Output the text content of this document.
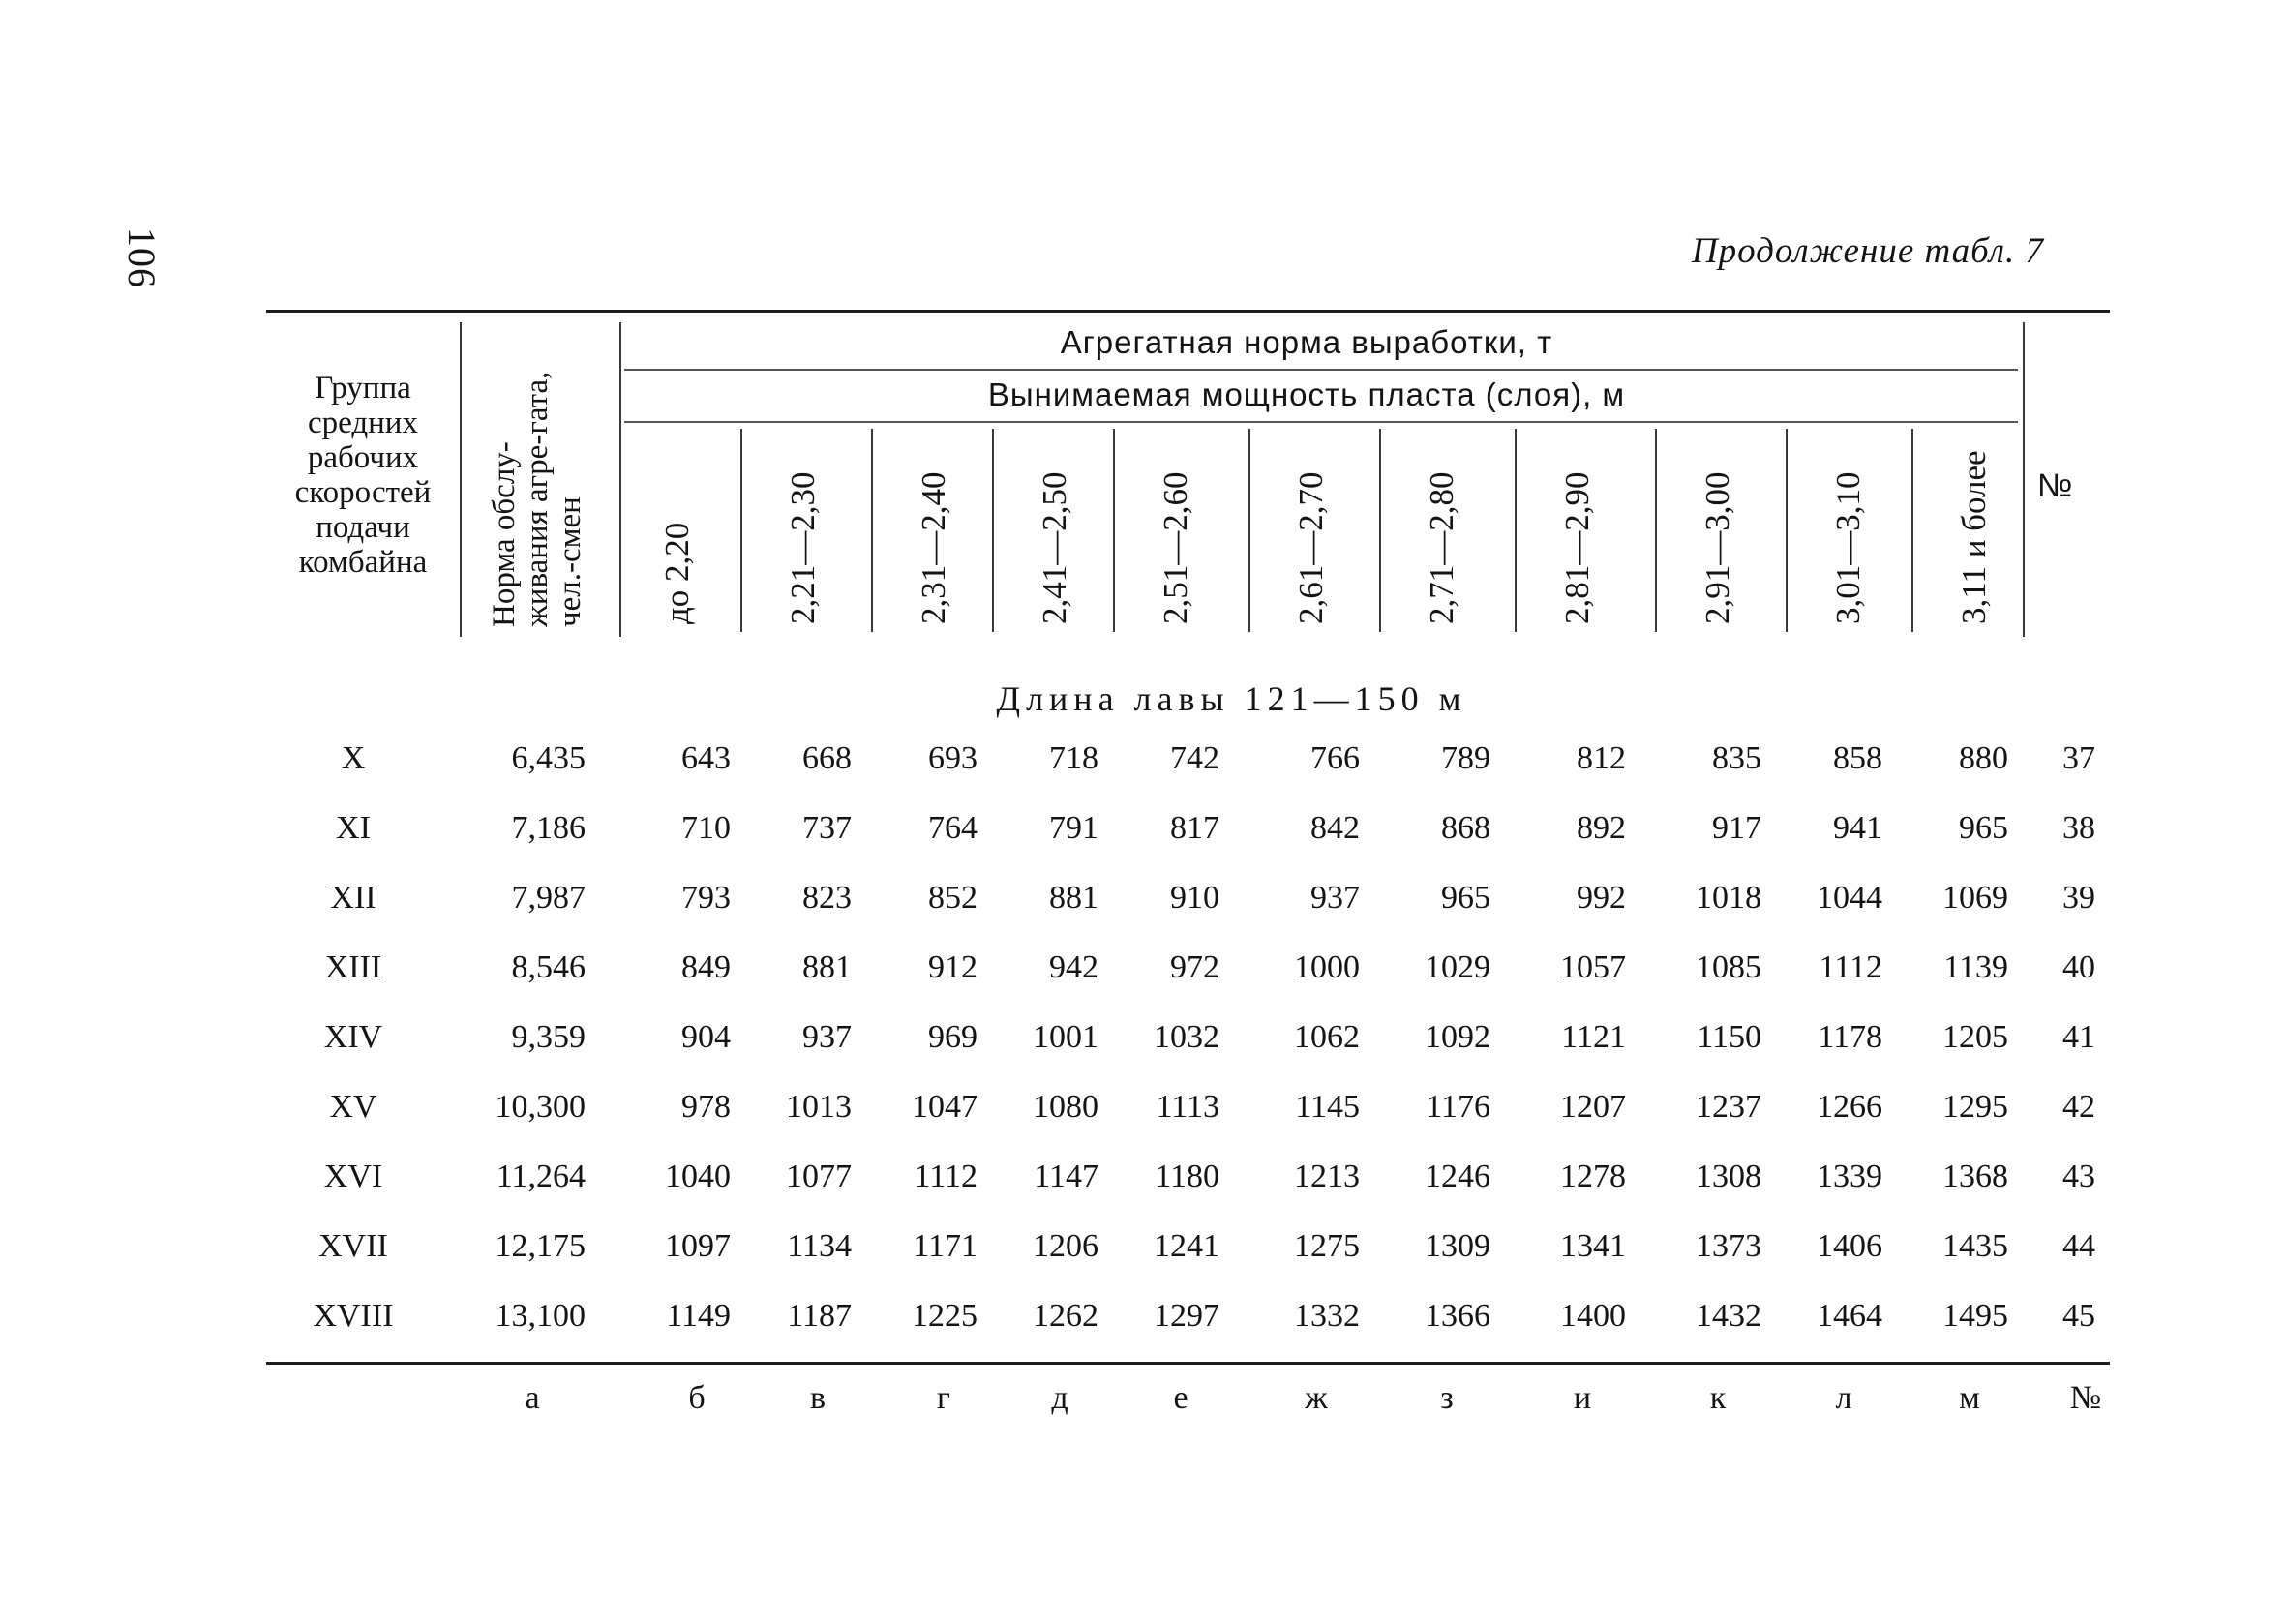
106	Продолжение табл. 7
Группа средних рабочих скоростей подачи комбайна	Норма обслу-живания агре-гата, чел.-смен
Агрегатная норма выработки, т
Вынимаемая мощность пласта (слоя), м
до 2,20	2,21—2,30	2,31—2,40	2,41—2,50	2,51—2,60	2,61—2,70	2,71—2,80	2,81—2,90	2,91—3,00	3,01—3,10	3,11 и более	№
Длина лавы 121—150 м
X	6,435	643 668 693 718 742	766 789	812	835 858 880 37
XI	7,186	710 737 764 791 817	842 868	892	917 941 965 38
XII	7,987	793 823 852 881 910	937 965	992 1018 1044 1069 39
XIII	8,546	849 881 912 942 972 1000 1029 1057 1085 1112 1139 40
XIV	9,359	904 937 969 1001 1032 1062 1092 1121 1150 1178 1205 41
XV	10,300	978 1013 1047 1080 1113 1145 1176 1207 1237 1266 1295 42
XVI	11,264 1040 1077 1112 1147 1180 1213 1246 1278 1308 1339 1368 43
XVII	12,175 1097 1134 1171 1206 1241 1275 1309 1341 1373 1406 1435 44
XVIII	13,100 1149 1187 1225 1262 1297 1332 1366 1400 1432 1464 1495 45
а	б	в	г	д	е	ж	з	и	к	л	м	№
